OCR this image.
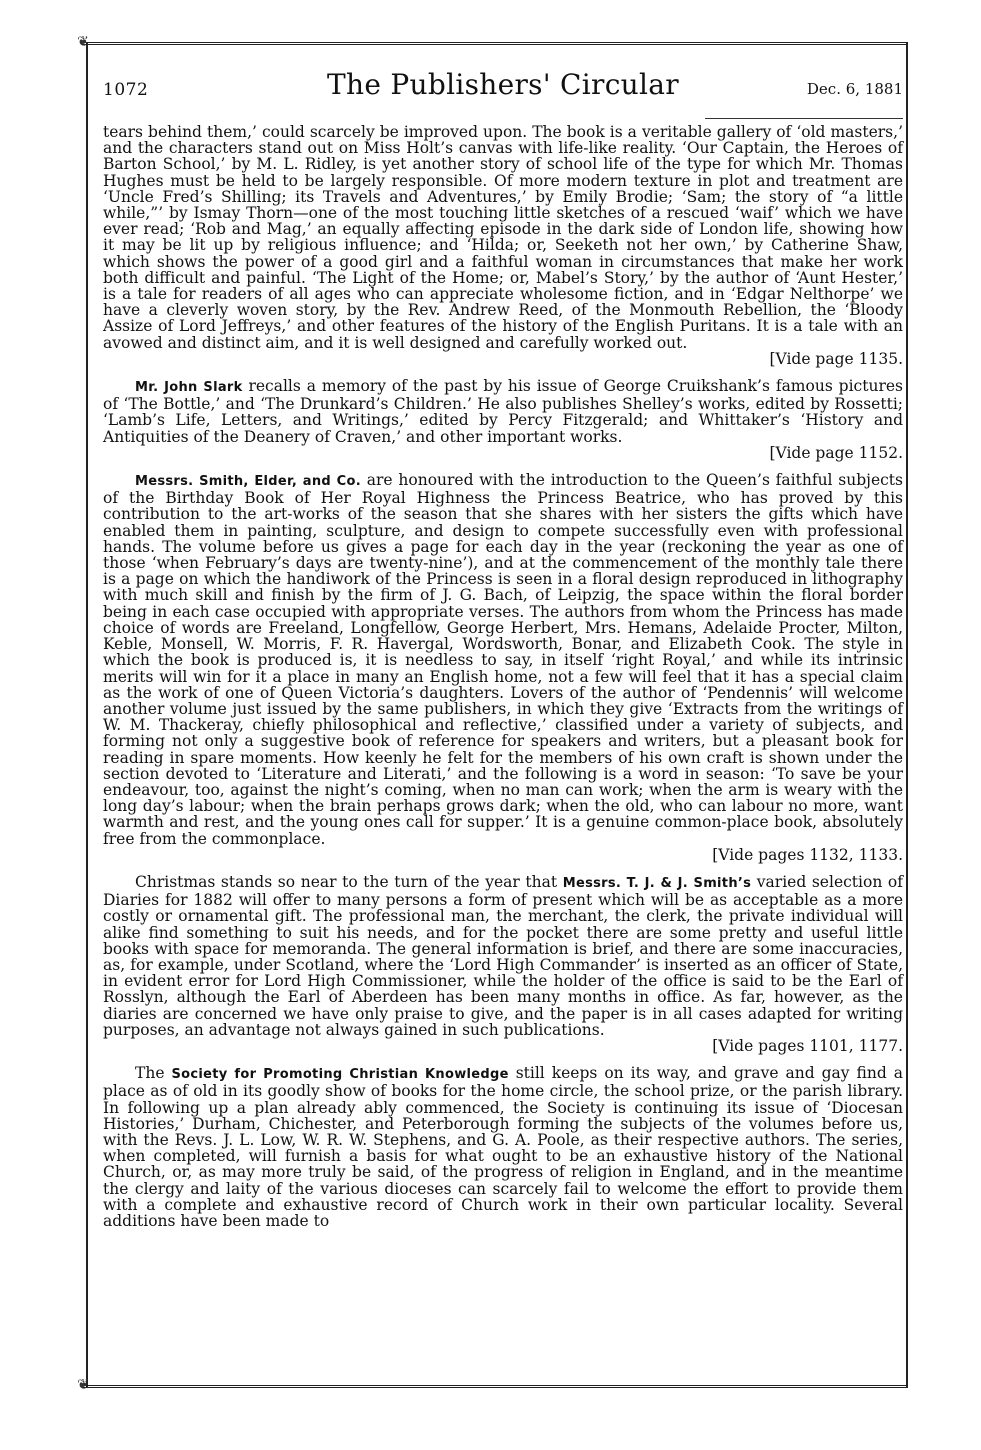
❦
❦
1072	The Publishers' Circular	Dec. 6, 1881

tears behind them,’ could scarcely be improved upon. The book is a veritable gallery of ‘old masters,’ and the characters stand out on Miss Holt’s canvas with life-like reality. ‘Our Captain, the Heroes of Barton School,’ by M. L. Ridley, is yet another story of school life of the type for which Mr. Thomas Hughes must be held to be largely responsible. Of more modern texture in plot and treatment are ‘Uncle Fred’s Shilling; its Travels and Adventures,’ by Emily Brodie; ‘Sam; the story of “a little while,”’ by Ismay Thorn—one of the most touching little sketches of a rescued ‘waif’ which we have ever read; ‘Rob and Mag,’ an equally affecting episode in the dark side of London life, showing how it may be lit up by religious influence; and ‘Hilda; or, Seeketh not her own,’ by Catherine Shaw, which shows the power of a good girl and a faithful woman in circumstances that make her work both difficult and painful. ‘The Light of the Home; or, Mabel’s Story,’ by the author of ‘Aunt Hester,’ is a tale for readers of all ages who can appreciate wholesome fiction, and in ‘Edgar Nelthorpe’ we have a cleverly woven story, by the Rev. Andrew Reed, of the Monmouth Rebellion, the ‘Bloody Assize of Lord Jeffreys,’ and other features of the history of the English Puritans. It is a tale with an avowed and distinct aim, and it is well designed and carefully worked out.

[Vide page 1135.

Mr. John Slark recalls a memory of the past by his issue of George Cruikshank’s famous pictures of ‘The Bottle,’ and ‘The Drunkard’s Children.’ He also publishes Shelley’s works, edited by Rossetti; ‘Lamb’s Life, Letters, and Writings,’ edited by Percy Fitzgerald; and Whittaker’s ‘History and Antiquities of the Deanery of Craven,’ and other important works.

[Vide page 1152.

Messrs. Smith, Elder, and Co. are honoured with the introduction to the Queen’s faithful subjects of the Birthday Book of Her Royal Highness the Princess Beatrice, who has proved by this contribution to the art-works of the season that she shares with her sisters the gifts which have enabled them in painting, sculpture, and design to compete successfully even with professional hands. The volume before us gives a page for each day in the year (reckoning the year as one of those ‘when February’s days are twenty-nine’), and at the commencement of the monthly tale there is a page on which the handiwork of the Princess is seen in a floral design reproduced in lithography with much skill and finish by the firm of J. G. Bach, of Leipzig, the space within the floral border being in each case occupied with appropriate verses. The authors from whom the Princess has made choice of words are Freeland, Longfellow, George Herbert, Mrs. Hemans, Adelaide Procter, Milton, Keble, Monsell, W. Morris, F. R. Havergal, Wordsworth, Bonar, and Elizabeth Cook. The style in which the book is produced is, it is needless to say, in itself ‘right Royal,’ and while its intrinsic merits will win for it a place in many an English home, not a few will feel that it has a special claim as the work of one of Queen Victoria’s daughters. Lovers of the author of ‘Pendennis’ will welcome another volume just issued by the same publishers, in which they give ‘Extracts from the writings of W. M. Thackeray, chiefly philosophical and reflective,’ classified under a variety of subjects, and forming not only a suggestive book of reference for speakers and writers, but a pleasant book for reading in spare moments. How keenly he felt for the members of his own craft is shown under the section devoted to ‘Literature and Literati,’ and the following is a word in season: ‘To save be your endeavour, too, against the night’s coming, when no man can work; when the arm is weary with the long day’s labour; when the brain perhaps grows dark; when the old, who can labour no more, want warmth and rest, and the young ones call for supper.’ It is a genuine common-place book, absolutely free from the commonplace.

[Vide pages 1132, 1133.

Christmas stands so near to the turn of the year that Messrs. T. J. & J. Smith’s varied selection of Diaries for 1882 will offer to many persons a form of present which will be as acceptable as a more costly or ornamental gift. The professional man, the merchant, the clerk, the private individual will alike find something to suit his needs, and for the pocket there are some pretty and useful little books with space for memoranda. The general information is brief, and there are some inaccuracies, as, for example, under Scotland, where the ‘Lord High Commander’ is inserted as an officer of State, in evident error for Lord High Commissioner, while the holder of the office is said to be the Earl of Rosslyn, although the Earl of Aberdeen has been many months in office. As far, however, as the diaries are concerned we have only praise to give, and the paper is in all cases adapted for writing purposes, an advantage not always gained in such publications.

[Vide pages 1101, 1177.

The Society for Promoting Christian Knowledge still keeps on its way, and grave and gay find a place as of old in its goodly show of books for the home circle, the school prize, or the parish library. In following up a plan already ably commenced, the Society is continuing its issue of ‘Diocesan Histories,’ Durham, Chichester, and Peterborough forming the subjects of the volumes before us, with the Revs. J. L. Low, W. R. W. Stephens, and G. A. Poole, as their respective authors. The series, when completed, will furnish a basis for what ought to be an exhaustive history of the National Church, or, as may more truly be said, of the progress of religion in England, and in the meantime the clergy and laity of the various dioceses can scarcely fail to welcome the effort to provide them with a complete and exhaustive record of Church work in their own particular locality. Several additions have been made to
